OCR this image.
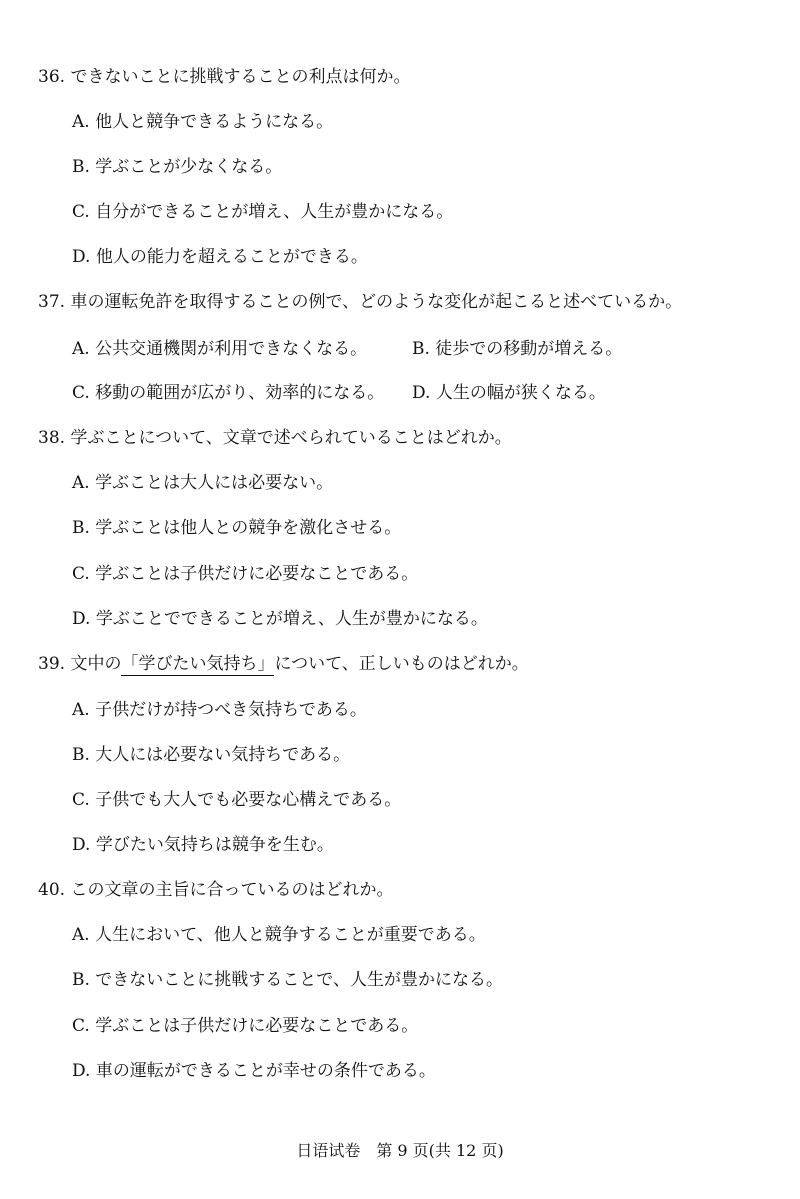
36. できないことに挑戦することの利点は何か。
A. 他人と競争できるようになる。
B. 学ぶことが少なくなる。
C. 自分ができることが増え、人生が豊かになる。
D. 他人の能力を超えることができる。
37. 車の運転免許を取得することの例で、どのような変化が起こると述べているか。
A. 公共交通機関が利用できなくなる。	B. 徒歩での移動が増える。
C. 移動の範囲が広がり、効率的になる。 D. 人生の幅が狭くなる。
38. 学ぶことについて、文章で述べられていることはどれか。
A. 学ぶことは大人には必要ない。
B. 学ぶことは他人との競争を激化させる。
C. 学ぶことは子供だけに必要なことである。
D. 学ぶことでできることが増え、人生が豊かになる。
39. 文中の「学びたい気持ち」について、正しいものはどれか。
A. 子供だけが持つべき気持ちである。
B. 大人には必要ない気持ちである。
C. 子供でも大人でも必要な心構えである。
D. 学びたい気持ちは競争を生む。
40. この文章の主旨に合っているのはどれか。
A. 人生において、他人と競争することが重要である。
B. できないことに挑戦することで、人生が豊かになる。
C. 学ぶことは子供だけに必要なことである。
D. 車の運転ができることが幸せの条件である。
日语试卷　第 9 页(共 12 页)
